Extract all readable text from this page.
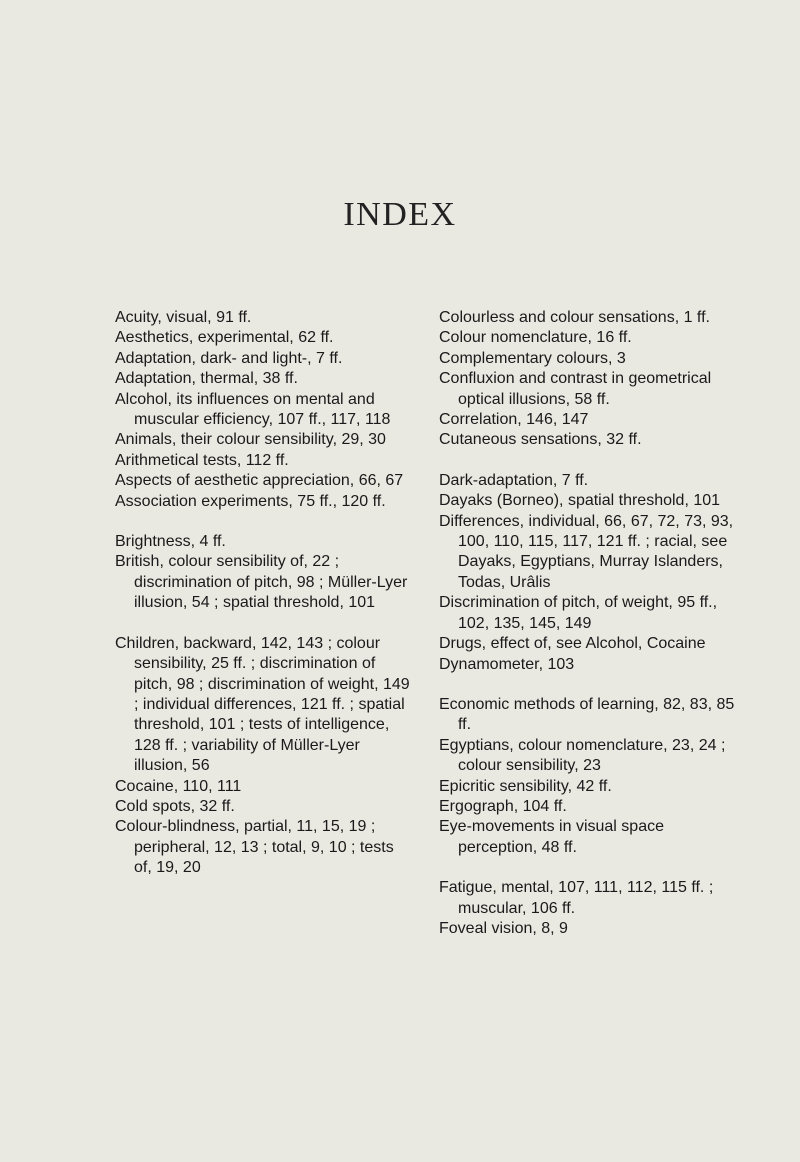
INDEX

Acuity, visual, 91 ff.

Aesthetics, experimental, 62 ff.

Adaptation, dark- and light-, 7 ff.

Adaptation, thermal, 38 ff.

Alcohol, its influences on mental and muscular efficiency, 107 ff., 117, 118

Animals, their colour sensibility, 29, 30

Arithmetical tests, 112 ff.

Aspects of aesthetic appreciation, 66, 67

Association experiments, 75 ff., 120 ff.

Brightness, 4 ff.

British, colour sensibility of, 22 ; discrimination of pitch, 98 ; Müller-Lyer illusion, 54 ; spatial threshold, 101

Children, backward, 142, 143 ; colour sensibility, 25 ff. ; discrimination of pitch, 98 ; discrimination of weight, 149 ; individual differences, 121 ff. ; spatial threshold, 101 ; tests of intelligence, 128 ff. ; variability of Müller-Lyer illusion, 56

Cocaine, 110, 111

Cold spots, 32 ff.

Colour-blindness, partial, 11, 15, 19 ; peripheral, 12, 13 ; total, 9, 10 ; tests of, 19, 20

Colourless and colour sensations, 1 ff.

Colour nomenclature, 16 ff.

Complementary colours, 3

Confluxion and contrast in geometrical optical illusions, 58 ff.

Correlation, 146, 147

Cutaneous sensations, 32 ff.

Dark-adaptation, 7 ff.

Dayaks (Borneo), spatial threshold, 101

Differences, individual, 66, 67, 72, 73, 93, 100, 110, 115, 117, 121 ff. ; racial, see Dayaks, Egyptians, Murray Islanders, Todas, Urâlis

Discrimination of pitch, of weight, 95 ff., 102, 135, 145, 149

Drugs, effect of, see Alcohol, Cocaine

Dynamometer, 103

Economic methods of learning, 82, 83, 85 ff.

Egyptians, colour nomenclature, 23, 24 ; colour sensibility, 23

Epicritic sensibility, 42 ff.

Ergograph, 104 ff.

Eye-movements in visual space perception, 48 ff.

Fatigue, mental, 107, 111, 112, 115 ff. ; muscular, 106 ff.

Foveal vision, 8, 9
